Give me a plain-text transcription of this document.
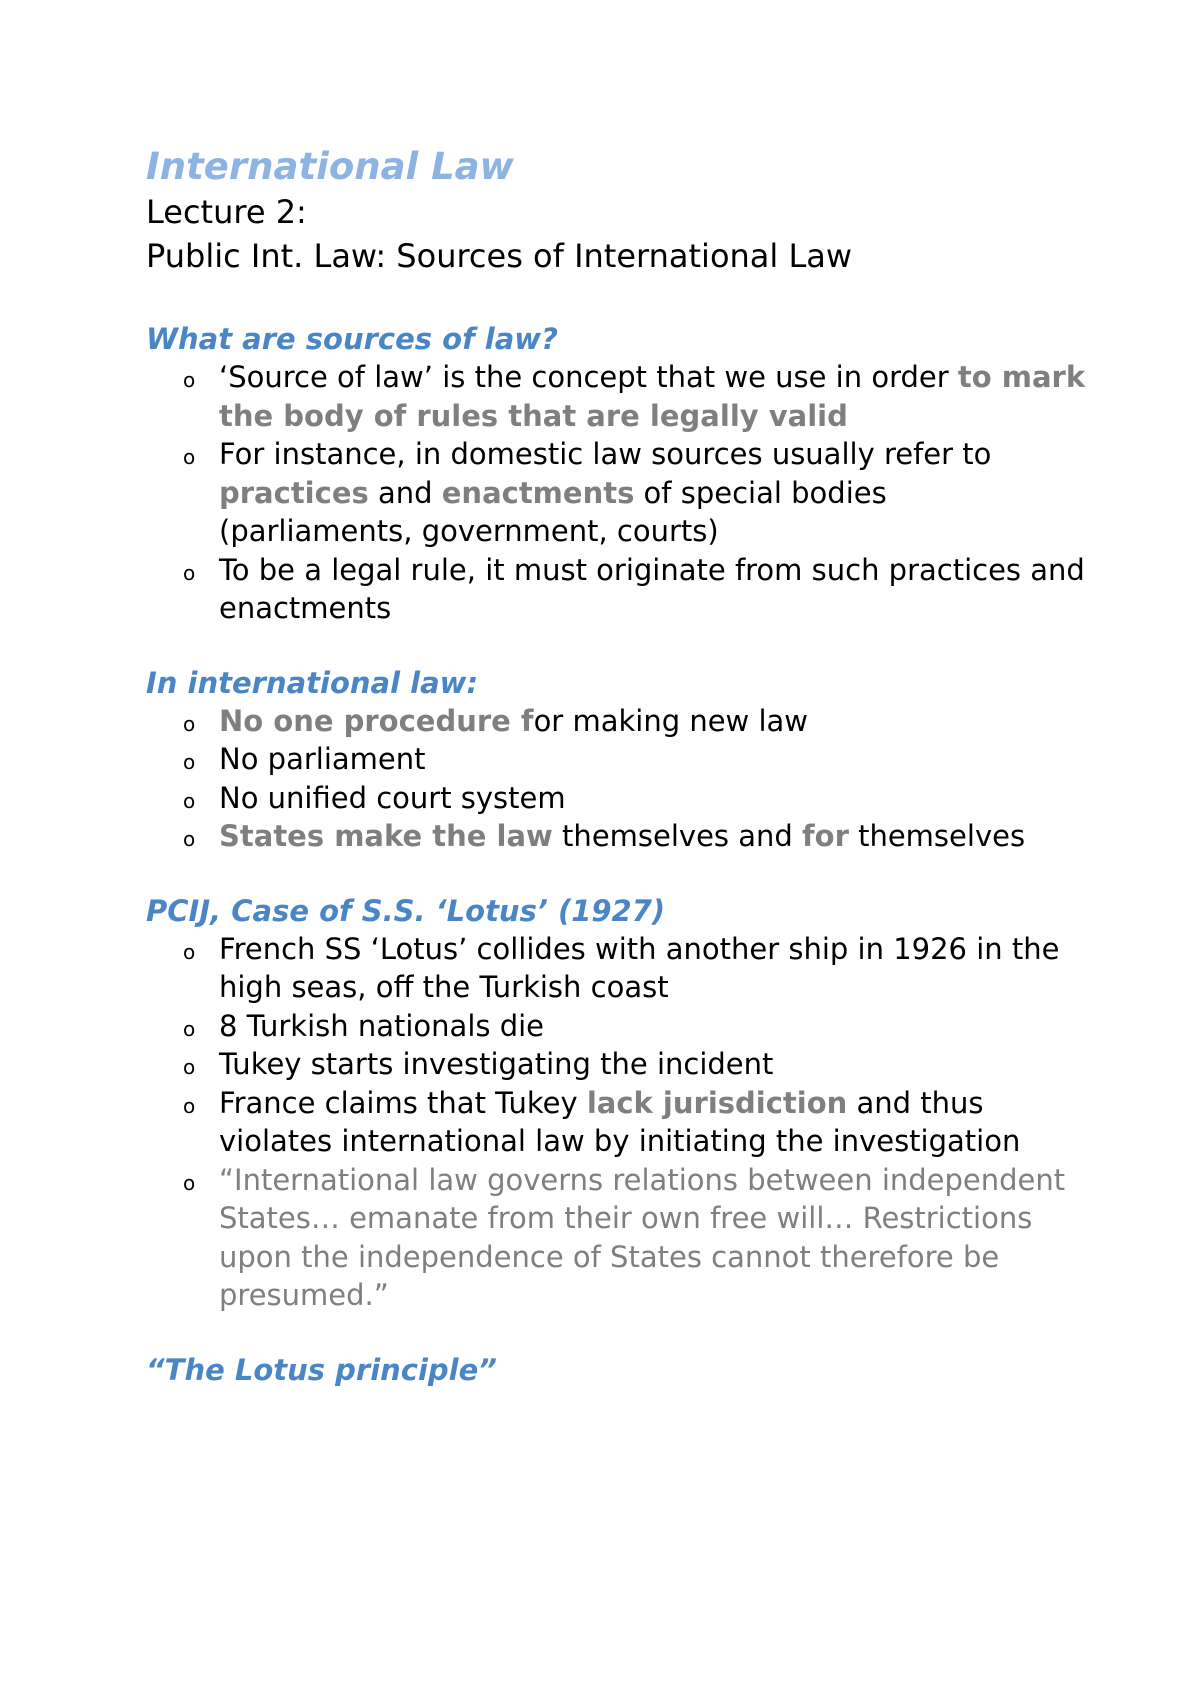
International Law

Lecture 2:

Public Int. Law: Sources of International Law

What are sources of law?
o ‘Source of law’ is the concept that we use in order to mark the body of rules that are legally valid
o For instance, in domestic law sources usually refer to practices and enactments of special bodies (parliaments, government, courts)
o To be a legal rule, it must originate from such practices and enactments
In international law:
o No one procedure for making new law
o No parliament
o No unified court system
o States make the law themselves and for themselves
PCIJ, Case of S.S. ‘Lotus’ (1927)
o French SS ‘Lotus’ collides with another ship in 1926 in the high seas, off the Turkish coast
o 8 Turkish nationals die
o Tukey starts investigating the incident
o France claims that Tukey lack jurisdiction and thus violates international law by initiating the investigation
o “International law governs relations between independent States… emanate from their own free will… Restrictions upon the independence of States cannot therefore be presumed.”
“The Lotus principle”
